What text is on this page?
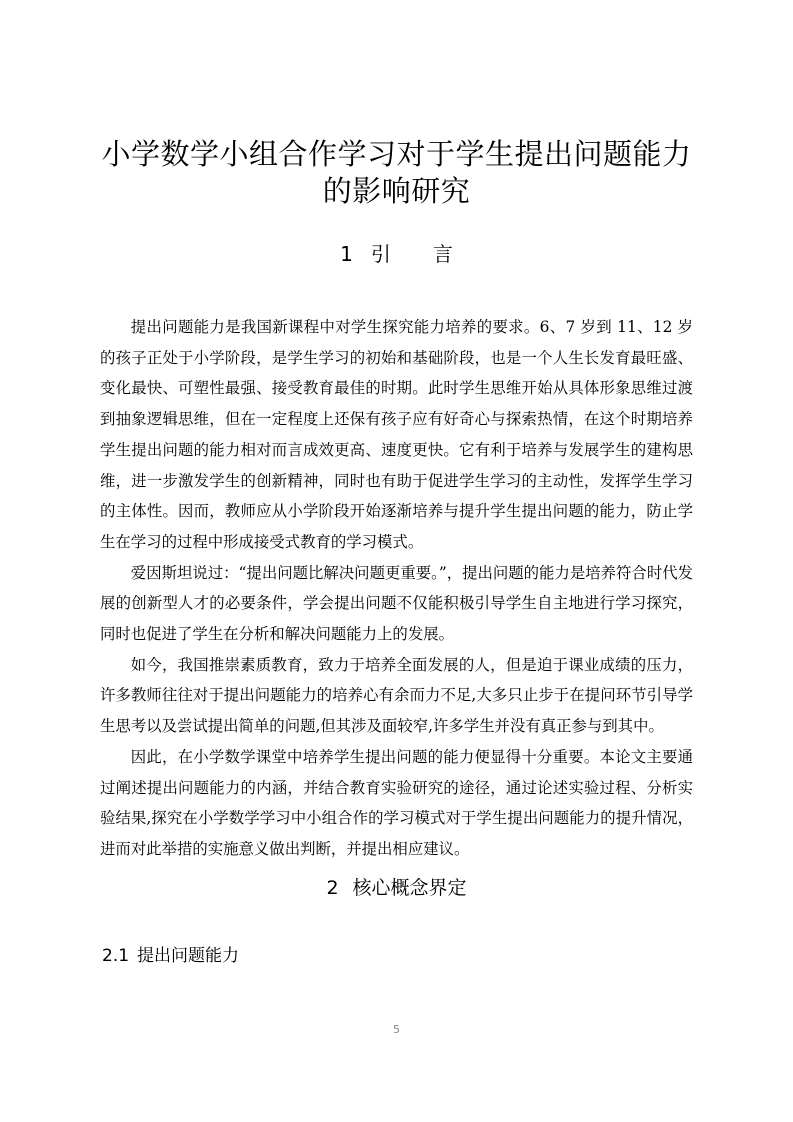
小学数学小组合作学习对于学生提出问题能力
的影响研究
1 引 言

提出问题能力是我国新课程中对学生探究能力培养的要求。6、7 岁到 11、12 岁的孩子正处于小学阶段，是学生学习的初始和基础阶段，也是一个人生长发育最旺盛、变化最快、可塑性最强、接受教育最佳的时期。此时学生思维开始从具体形象思维过渡到抽象逻辑思维，但在一定程度上还保有孩子应有好奇心与探索热情，在这个时期培养学生提出问题的能力相对而言成效更高、速度更快。它有利于培养与发展学生的建构思维，进一步激发学生的创新精神，同时也有助于促进学生学习的主动性，发挥学生学习的主体性。因而，教师应从小学阶段开始逐渐培养与提升学生提出问题的能力，防止学生在学习的过程中形成接受式教育的学习模式。

爱因斯坦说过：“提出问题比解决问题更重要。”，提出问题的能力是培养符合时代发展的创新型人才的必要条件，学会提出问题不仅能积极引导学生自主地进行学习探究，同时也促进了学生在分析和解决问题能力上的发展。

如今，我国推崇素质教育，致力于培养全面发展的人，但是迫于课业成绩的压力，许多教师往往对于提出问题能力的培养心有余而力不足,大多只止步于在提问环节引导学生思考以及尝试提出简单的问题,但其涉及面较窄,许多学生并没有真正参与到其中。

因此，在小学数学课堂中培养学生提出问题的能力便显得十分重要。本论文主要通过阐述提出问题能力的内涵，并结合教育实验研究的途径，通过论述实验过程、分析实验结果,探究在小学数学学习中小组合作的学习模式对于学生提出问题能力的提升情况，进而对此举措的实施意义做出判断，并提出相应建议。

2 核心概念界定
2.1 提出问题能力
5
